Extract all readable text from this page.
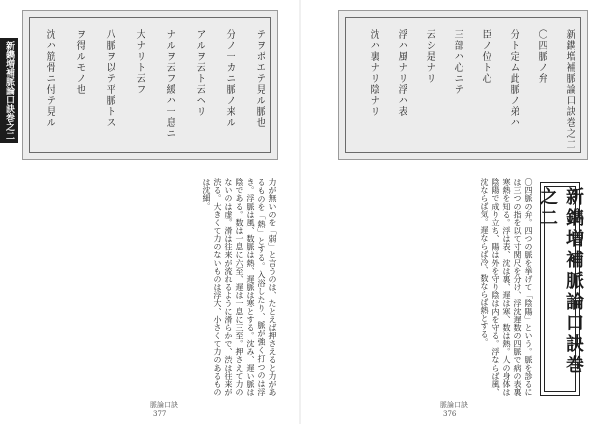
新鐫増補脈論口訣巻之二	テヲボエテ見ル脈也
分ノ一カニ脈ノ来ル
アルヲ云ト云ヘリ
ナルヲ云フ緩ハ一息ニ
大ナリト云フ
八脈ヲ以テ平脈トス
ヲ得ルモノ也
沈ハ筋骨ニ付テ見ル	新鐫増補脈論口訣巻之二
〇四脈ノ弁
分ト定ム此脈ノ弟ハ
臣ノ位ト心
三部ハ心ニテ
云シ是ナリ
浮ハ風ナリ浮ハ表
沈ハ裏ナリ陰ナリ
新鐫増補脈論口訣巻之二
〇四脈の弁。四つの脈を挙げて「陰陽」という。脈を診るには三つの指を以て寸関尺を分け、浮沈遅数の四脈で病の表裏寒熱を知る。浮は表、沈は裏、遅は寒、数は熱。人の身体は陰陽で成り立ち、陽は外を守り陰は内を守る。浮ならば風、沈ならば気。遅ならば冷、数ならば熱とする。
力が無いのを「弱」と言うのは、たとえば押さえると力があるものを「熱」とする。入浴したり、脈が強く打つのは浮き。浮脈は風、数脈は熱、遅脈は寒とする。沈み、遅い脈は陰である。数は一息に六至、遅は一息に三至。押さえて力のないのは虚。滑は往来が流れるように滑らかで、渋は往来が渋る。大きくて力のないものは浮大、小さくて力のあるものは沈細。
脈論口訣
377
脈論口訣
376
